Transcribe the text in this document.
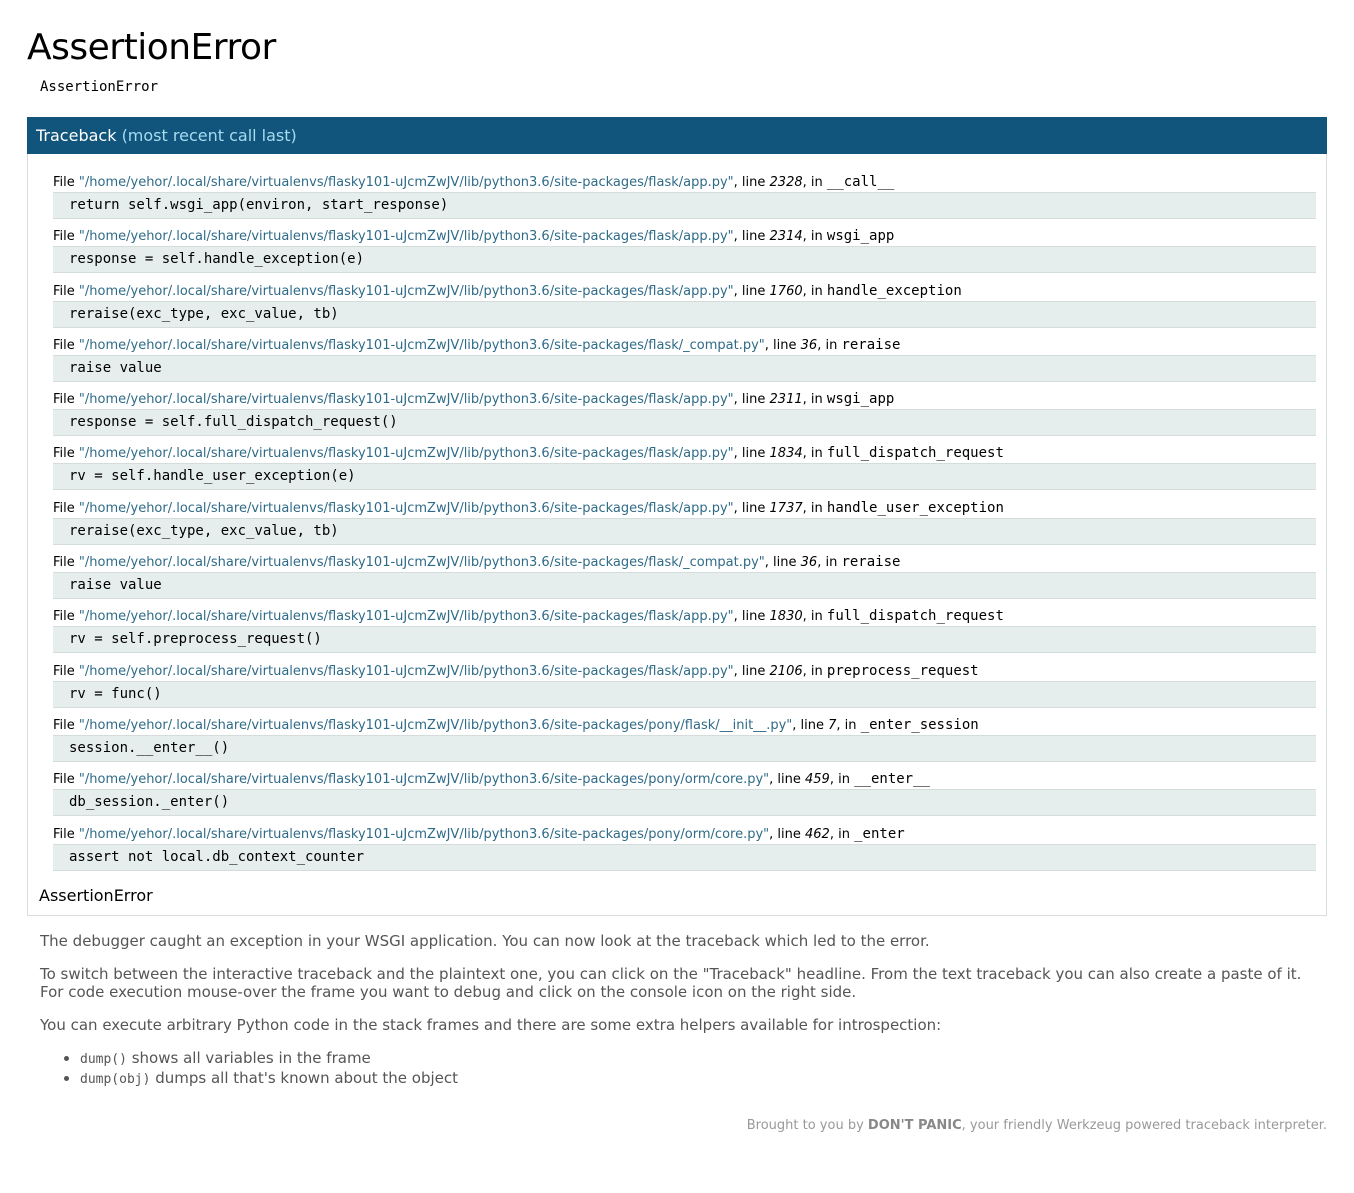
AssertionError
AssertionError
Traceback (most recent call last)
File "/home/yehor/.local/share/virtualenvs/flasky101-uJcmZwJV/lib/python3.6/site-packages/flask/app.py", line 2328, in __call__
return self.wsgi_app(environ, start_response)
File "/home/yehor/.local/share/virtualenvs/flasky101-uJcmZwJV/lib/python3.6/site-packages/flask/app.py", line 2314, in wsgi_app
response = self.handle_exception(e)
File "/home/yehor/.local/share/virtualenvs/flasky101-uJcmZwJV/lib/python3.6/site-packages/flask/app.py", line 1760, in handle_exception
reraise(exc_type, exc_value, tb)
File "/home/yehor/.local/share/virtualenvs/flasky101-uJcmZwJV/lib/python3.6/site-packages/flask/_compat.py", line 36, in reraise
raise value
File "/home/yehor/.local/share/virtualenvs/flasky101-uJcmZwJV/lib/python3.6/site-packages/flask/app.py", line 2311, in wsgi_app
response = self.full_dispatch_request()
File "/home/yehor/.local/share/virtualenvs/flasky101-uJcmZwJV/lib/python3.6/site-packages/flask/app.py", line 1834, in full_dispatch_request
rv = self.handle_user_exception(e)
File "/home/yehor/.local/share/virtualenvs/flasky101-uJcmZwJV/lib/python3.6/site-packages/flask/app.py", line 1737, in handle_user_exception
reraise(exc_type, exc_value, tb)
File "/home/yehor/.local/share/virtualenvs/flasky101-uJcmZwJV/lib/python3.6/site-packages/flask/_compat.py", line 36, in reraise
raise value
File "/home/yehor/.local/share/virtualenvs/flasky101-uJcmZwJV/lib/python3.6/site-packages/flask/app.py", line 1830, in full_dispatch_request
rv = self.preprocess_request()
File "/home/yehor/.local/share/virtualenvs/flasky101-uJcmZwJV/lib/python3.6/site-packages/flask/app.py", line 2106, in preprocess_request
rv = func()
File "/home/yehor/.local/share/virtualenvs/flasky101-uJcmZwJV/lib/python3.6/site-packages/pony/flask/__init__.py", line 7, in _enter_session
session.__enter__()
File "/home/yehor/.local/share/virtualenvs/flasky101-uJcmZwJV/lib/python3.6/site-packages/pony/orm/core.py", line 459, in __enter__
db_session._enter()
File "/home/yehor/.local/share/virtualenvs/flasky101-uJcmZwJV/lib/python3.6/site-packages/pony/orm/core.py", line 462, in _enter
assert not local.db_context_counter
AssertionError

The debugger caught an exception in your WSGI application. You can now look at the traceback which led to the error.

To switch between the interactive traceback and the plaintext one, you can click on the "Traceback" headline. From the text traceback you can also create a paste of it.
For code execution mouse-over the frame you want to debug and click on the console icon on the right side.

You can execute arbitrary Python code in the stack frames and there are some extra helpers available for introspection:

• dump() shows all variables in the frame
• dump(obj) dumps all that's known about the object
Brought to you by DON'T PANIC, your friendly Werkzeug powered traceback interpreter.
